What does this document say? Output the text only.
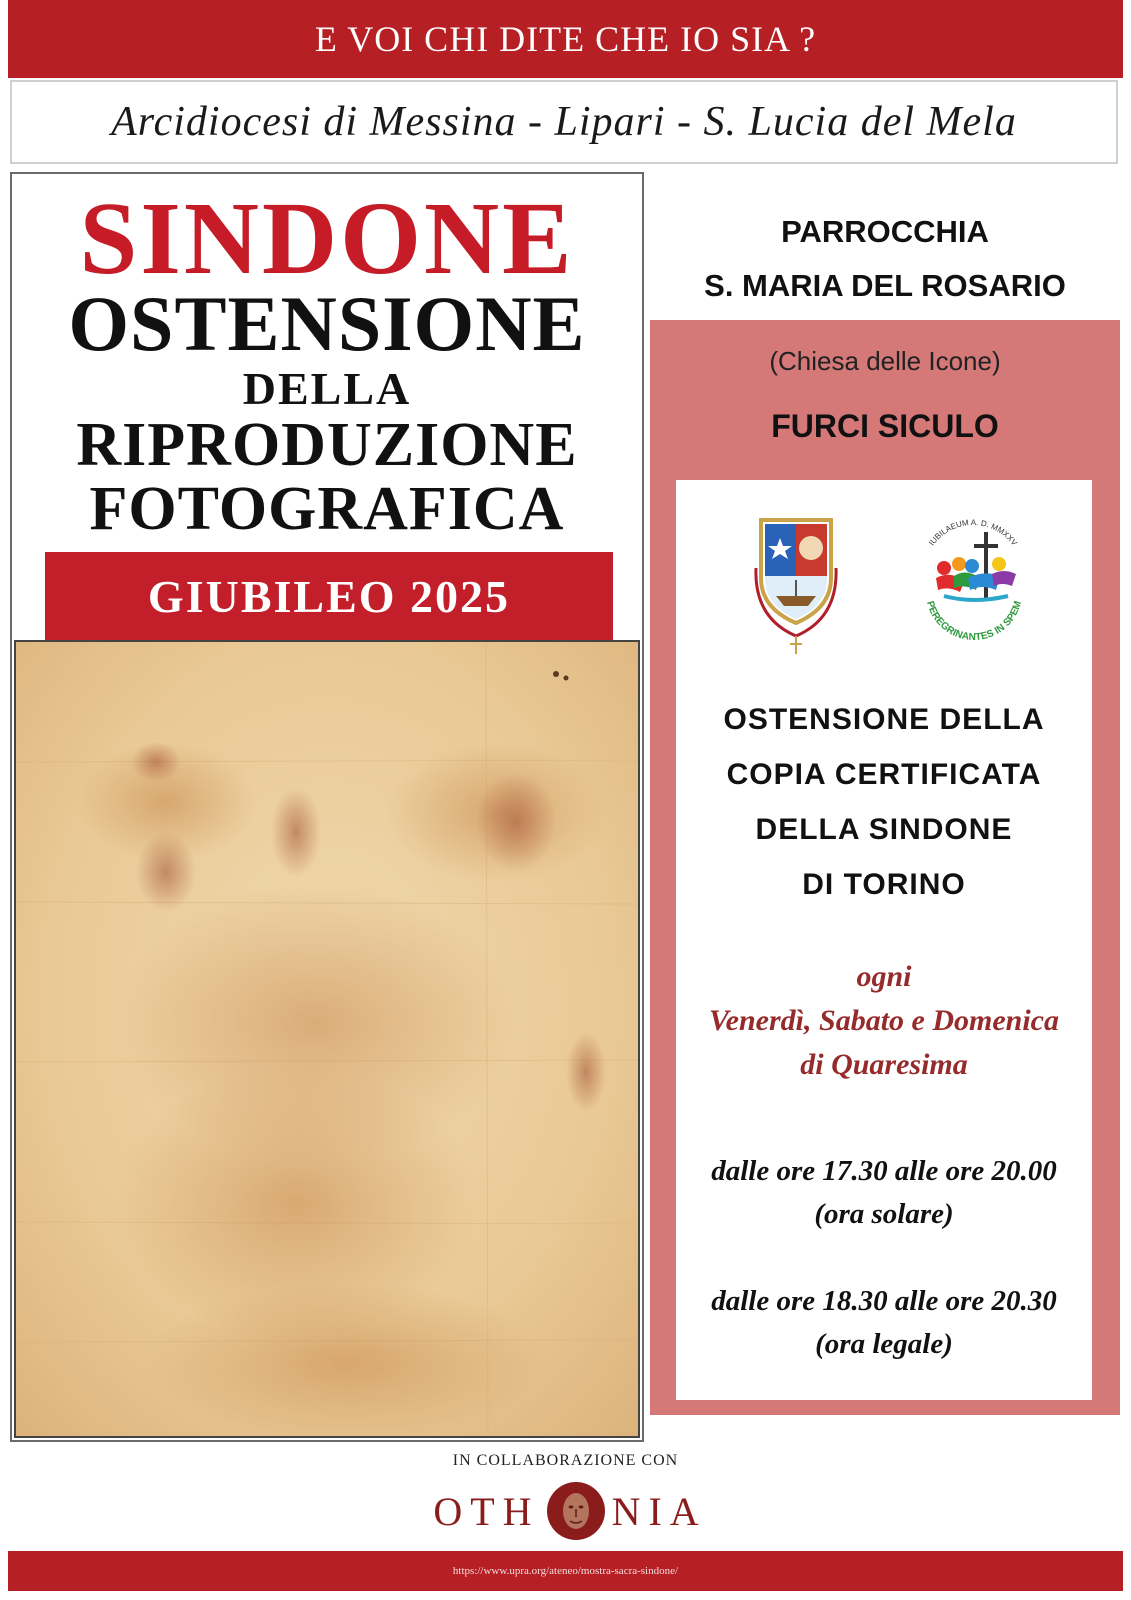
E VOI CHI DITE CHE IO SIA ?
Arcidiocesi di Messina - Lipari - S. Lucia del Mela
SINDONE
OSTENSIONE
DELLA
RIPRODUZIONE
FOTOGRAFICA
GIUBILEO 2025
PARROCCHIA
S. MARIA DEL ROSARIO
(Chiesa delle Icone)
FURCI SICULO
IUBILAEUM A. D. MMXXV
PEREGRINANTES IN SPEM
OSTENSIONE DELLA
COPIA CERTIFICATA
DELLA SINDONE
DI TORINO
ogni
Venerdì, Sabato e Domenica
di Quaresima
dalle ore 17.30 alle ore 20.00
(ora solare)
dalle ore 18.30 alle ore 20.30
(ora legale)
IN COLLABORAZIONE CON
OTH NIA
https://www.upra.org/ateneo/mostra-sacra-sindone/
